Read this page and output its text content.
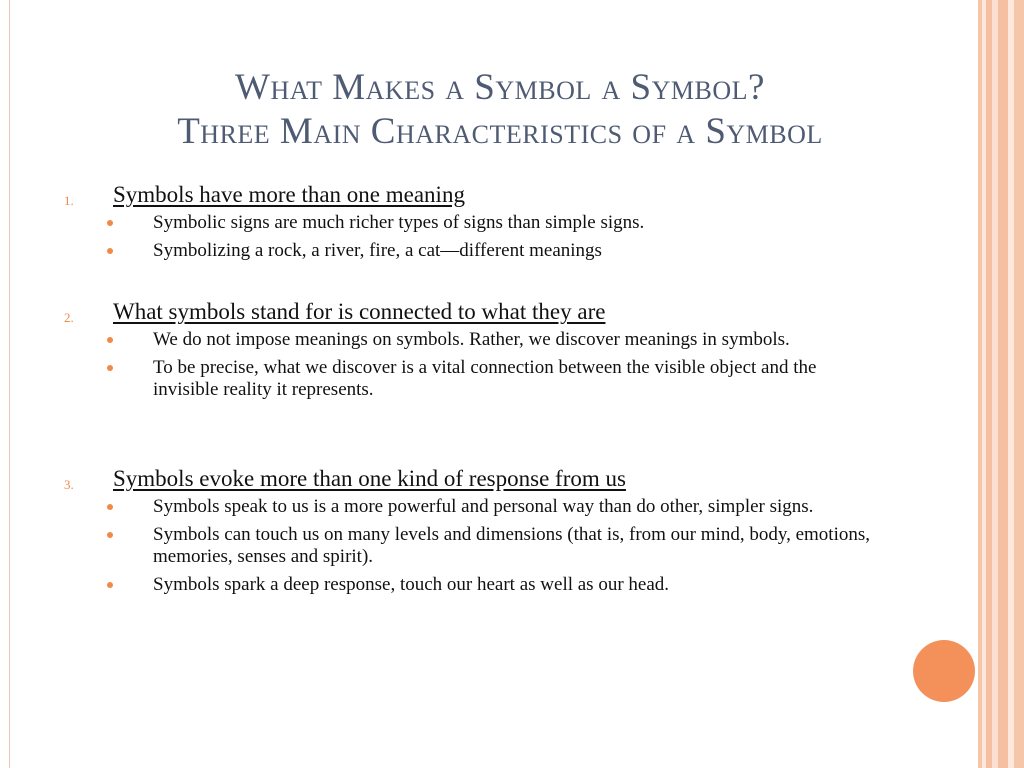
What Makes a Symbol a Symbol?
Three Main Characteristics of a Symbol
1. Symbols have more than one meaning
Symbolic signs are much richer types of signs than simple signs.
Symbolizing a rock, a river, fire, a cat—different meanings
2. What symbols stand for is connected to what they are
We do not impose meanings on symbols. Rather, we discover meanings in symbols.
To be precise, what we discover is a vital connection between the visible object and the invisible reality it represents.
3. Symbols evoke more than one kind of response from us
Symbols speak to us is a more powerful and personal way than do other, simpler signs.
Symbols can touch us on many levels and dimensions (that is, from our mind, body, emotions, memories, senses and spirit).
Symbols spark a deep response, touch our heart as well as our head.
